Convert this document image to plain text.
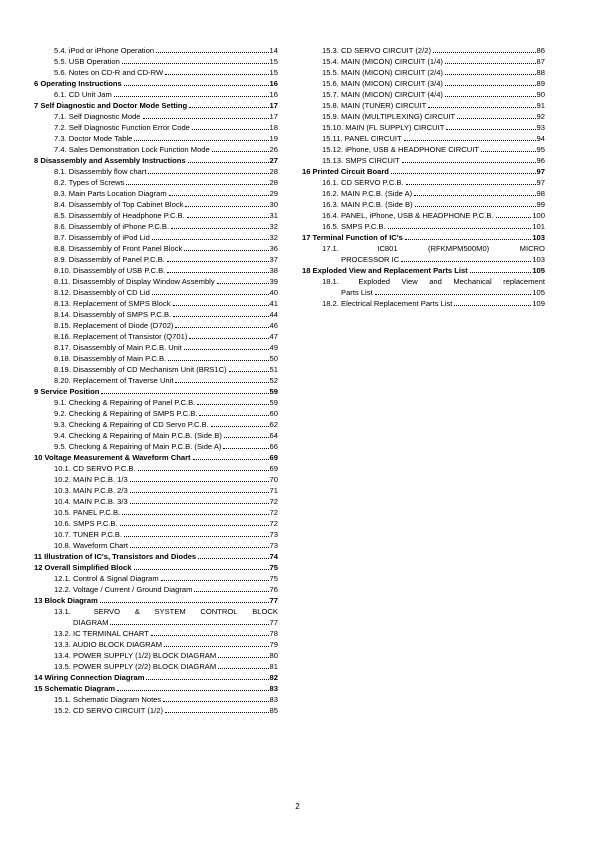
5.4. iPod or iPhone Operation	14
5.5. USB Operation	15
5.6. Notes on CD-R and CD-RW	15
6 Operating Instructions	16
6.1. CD Unit Jam	16
7 Self Diagnostic and Doctor Mode Setting	17
7.1. Self Diagnostic Mode	17
7.2. Self Diagnostic Function Error Code	18
7.3. Doctor Mode Table	19
7.4. Sales Demonstration Lock Function Mode	26
8 Disassembly and Assembly Instructions	27
8.1. Disassembly flow chart	28
8.2. Types of Screws	28
8.3. Main Parts Location Diagram	29
8.4. Disassembly of Top Cabinet Block	30
8.5. Disassembly of Headphone P.C.B.	31
8.6. Disassembly of iPhone P.C.B.	32
8.7. Disassembly of iPod Lid	32
8.8. Disassembly of Front Panel Block	36
8.9. Disassembly of Panel P.C.B.	37
8.10. Disassembly of USB P.C.B.	38
8.11. Disassembly of Display Window Assembly	39
8.12. Disassembly of CD Lid	40
8.13. Replacement of SMPS Block	41
8.14. Disassembly of SMPS P.C.B.	44
8.15. Replacement of Diode (D702)	46
8.16. Replacement of Transistor (Q701)	47
8.17. Disassembly of Main P.C.B. Unit	49
8.18. Disassembly of Main P.C.B.	50
8.19. Disassembly of CD Mechanism Unit (BRS1C)	51
8.20. Replacement of Traverse Unit	52
9 Service Position	59
9.1. Checking & Repairing of Panel P.C.B.	59
9.2. Checking & Repairing of SMPS P.C.B.	60
9.3. Checking & Repairing of CD Servo P.C.B.	62
9.4. Checking & Repairing of Main P.C.B. (Side B)	64
9.5. Checking & Repairing of Main P.C.B. (Side A)	66
10 Voltage Measurement & Waveform Chart	69
10.1. CD SERVO P.C.B.	69
10.2. MAIN P.C.B. 1/3	70
10.3. MAIN P.C.B. 2/3	71
10.4. MAIN P.C.B. 3/3	72
10.5. PANEL P.C.B.	72
10.6. SMPS P.C.B.	72
10.7. TUNER P.C.B.	73
10.8. Waveform Chart	73
11 Illustration of IC's, Transistors and Diodes	74
12 Overall Simplified Block	75
12.1. Control & Signal Diagram	75
12.2. Voltage / Current / Ground Diagram	76
13 Block Diagram	77
13.1.	SERVO & SYSTEM CONTROL BLOCK
DIAGRAM	77
13.2. IC TERMINAL CHART	78
13.3. AUDIO BLOCK DIAGRAM	79
13.4. POWER SUPPLY (1/2) BLOCK DIAGRAM	80
13.5. POWER SUPPLY (2/2) BLOCK DIAGRAM	81
14 Wiring Connection Diagram	82
15 Schematic Diagram	83
15.1. Schematic Diagram Notes	83
15.2. CD SERVO CIRCUIT (1/2)	85
15.3. CD SERVO CIRCUIT (2/2)	86
15.4. MAIN (MICON) CIRCUIT (1/4)	87
15.5. MAIN (MICON) CIRCUIT (2/4)	88
15.6. MAIN (MICON) CIRCUIT (3/4)	89
15.7. MAIN (MICON) CIRCUIT (4/4)	90
15.8. MAIN (TUNER) CIRCUIT	91
15.9. MAIN (MULTIPLEXING) CIRCUIT	92
15.10. MAIN (FL SUPPLY) CIRCUIT	93
15.11. PANEL CIRCUIT	94
15.12. iPhone, USB & HEADPHONE CIRCUIT	95
15.13. SMPS CIRCUIT	96
16 Printed Circuit Board	97
16.1. CD SERVO P.C.B.	97
16.2. MAIN P.C.B. (Side A)	98
16.3. MAIN P.C.B. (Side B)	99
16.4. PANEL, iPhone, USB & HEADPHONE P.C.B.	100
16.5. SMPS P.C.B.	101
17 Terminal Function of IC's	103
17.1.	IC801	(RFKMPM500M0)	MICRO
PROCESSOR IC	103
18 Exploded View and Replacement Parts List	105
18.1.	Exploded View and Mechanical replacement
Parts List	105
18.2. Electrical Replacement Parts List	109
2
